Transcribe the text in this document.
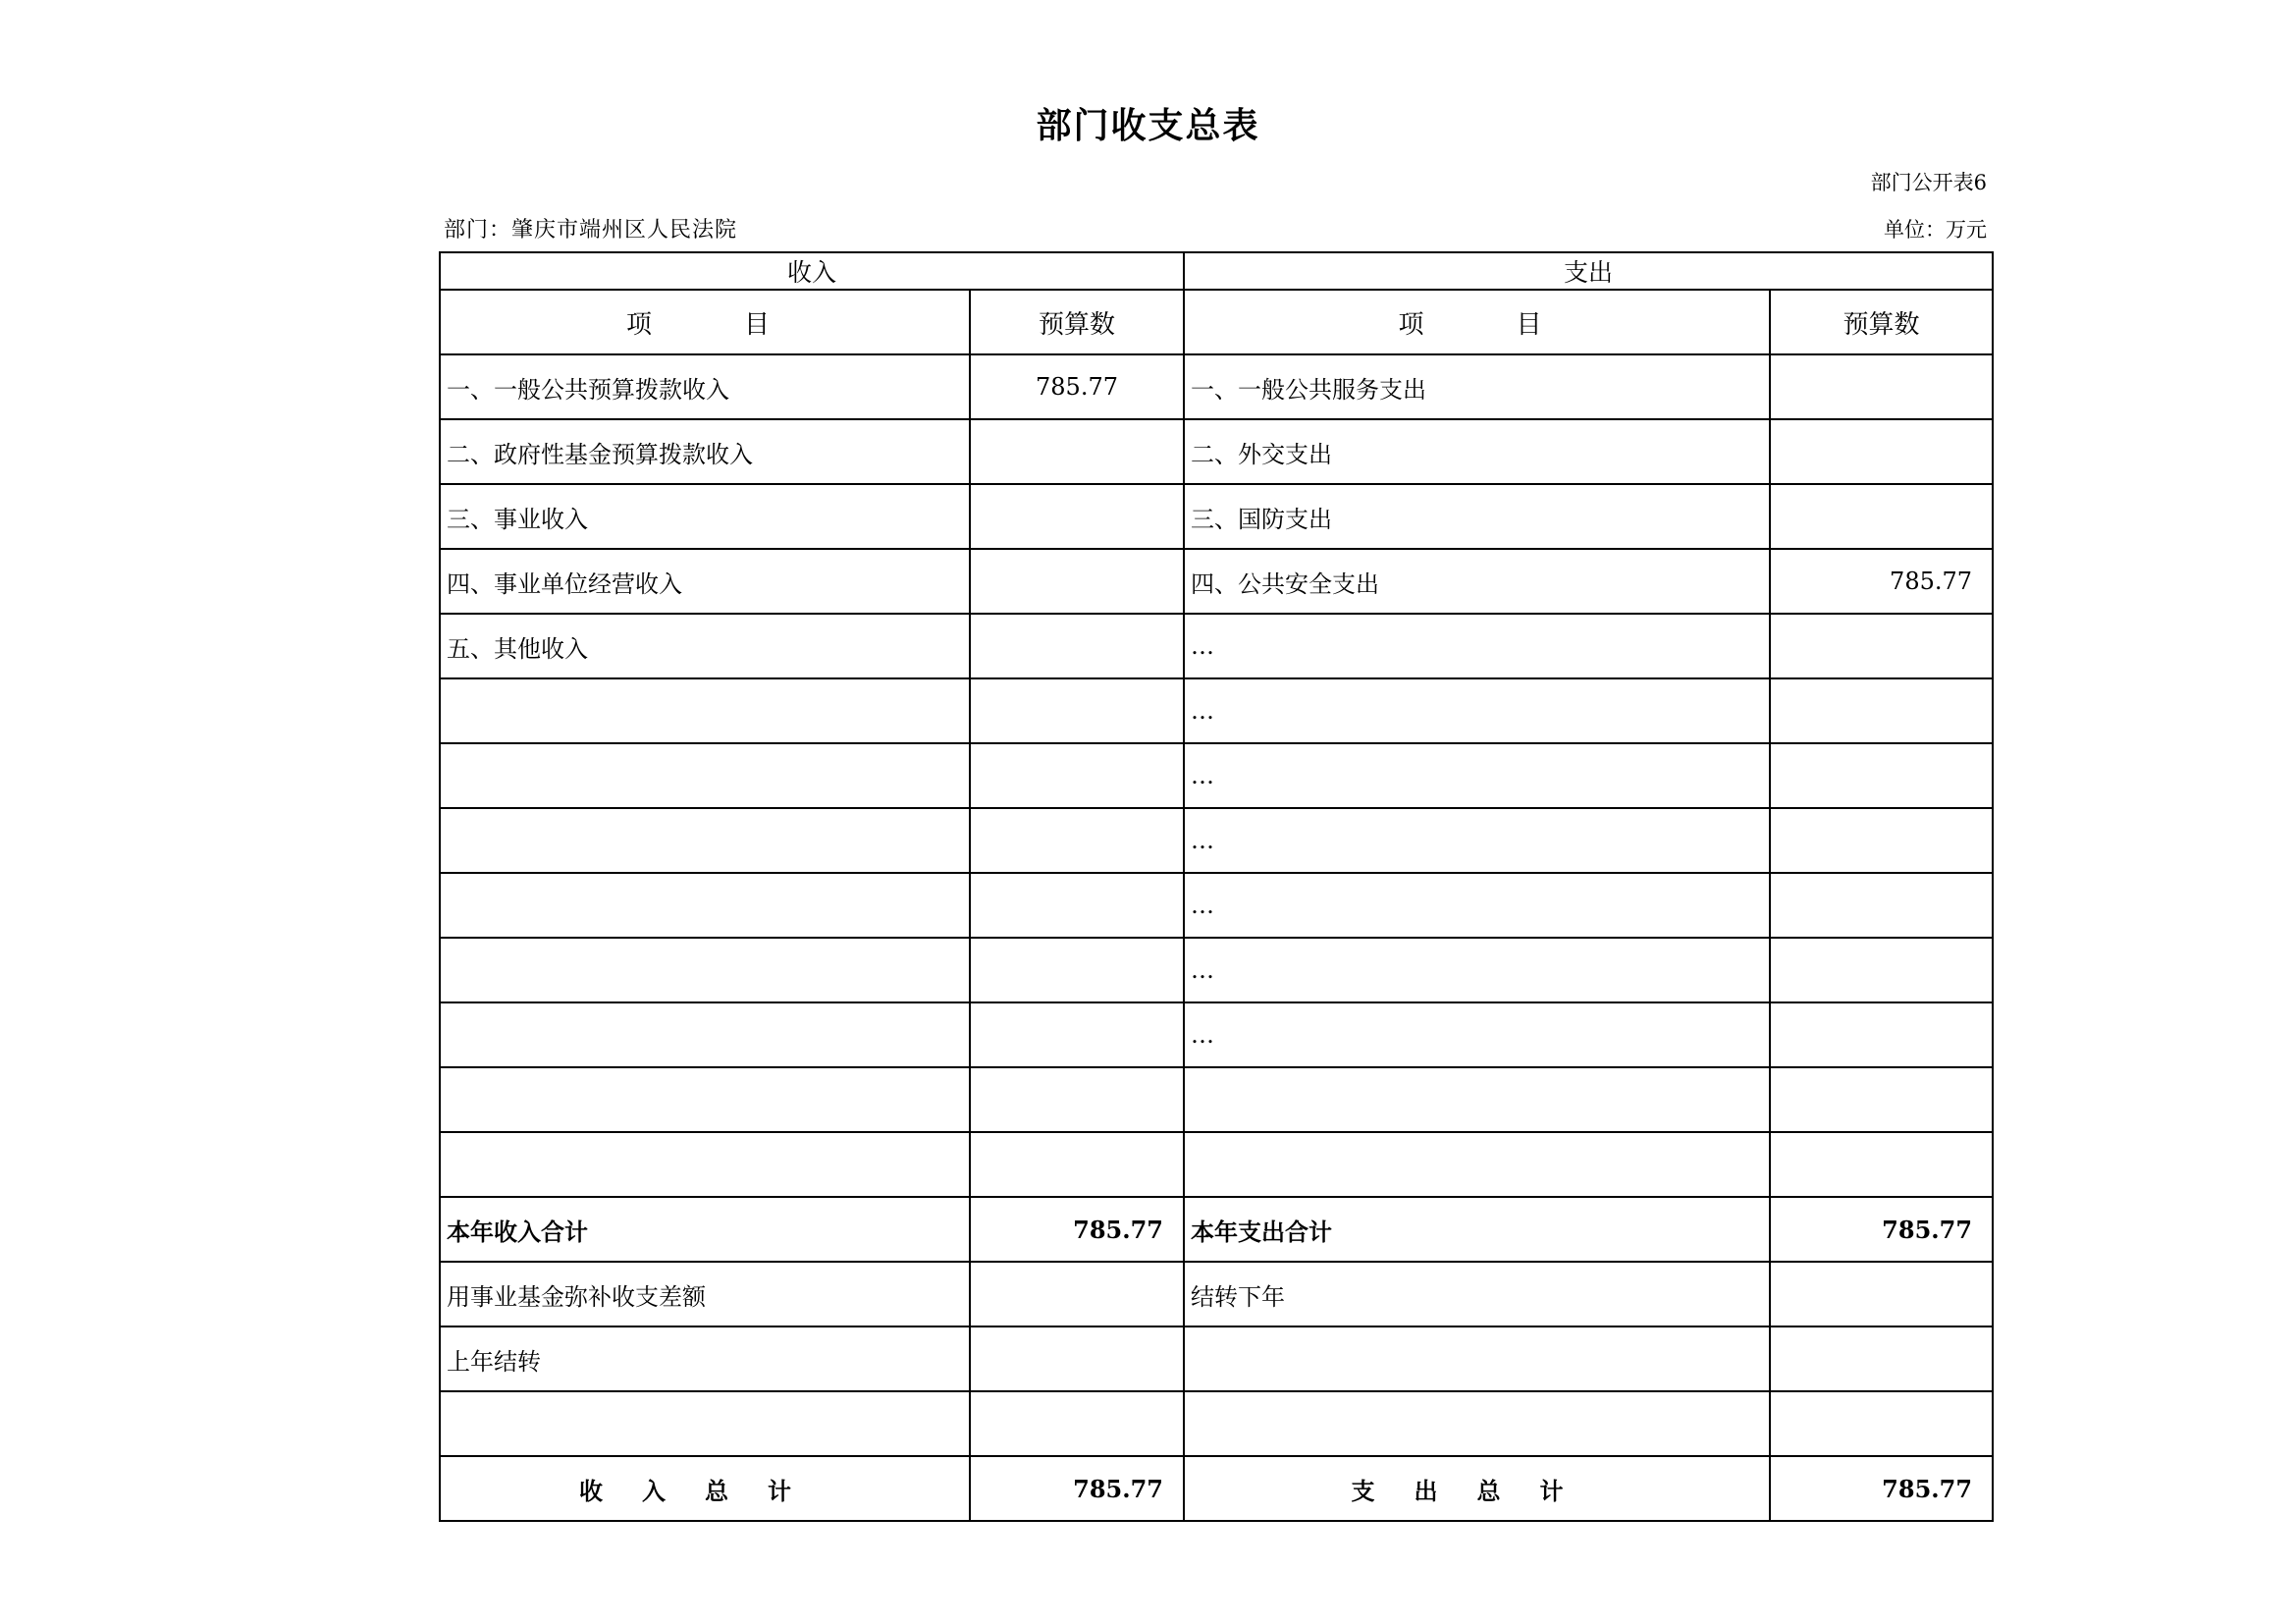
部门收支总表
部门公开表6
部门：肇庆市端州区人民法院	单位：万元
收入		支出	
项　　目	预算数	项　　目	预算数
一、一般公共预算拨款收入	785.77	一、一般公共服务支出	
二、政府性基金预算拨款收入		二、外交支出	
三、事业收入		三、国防支出	
四、事业单位经营收入		四、公共安全支出	785.77
五、其他收入		…	
		…	
		…	
		…	
		…	
		…	
		…	

本年收入合计	785.77	本年支出合计	785.77
用事业基金弥补收支差额		结转下年	
上年结转			

收入总计	785.77	支出总计	785.77
